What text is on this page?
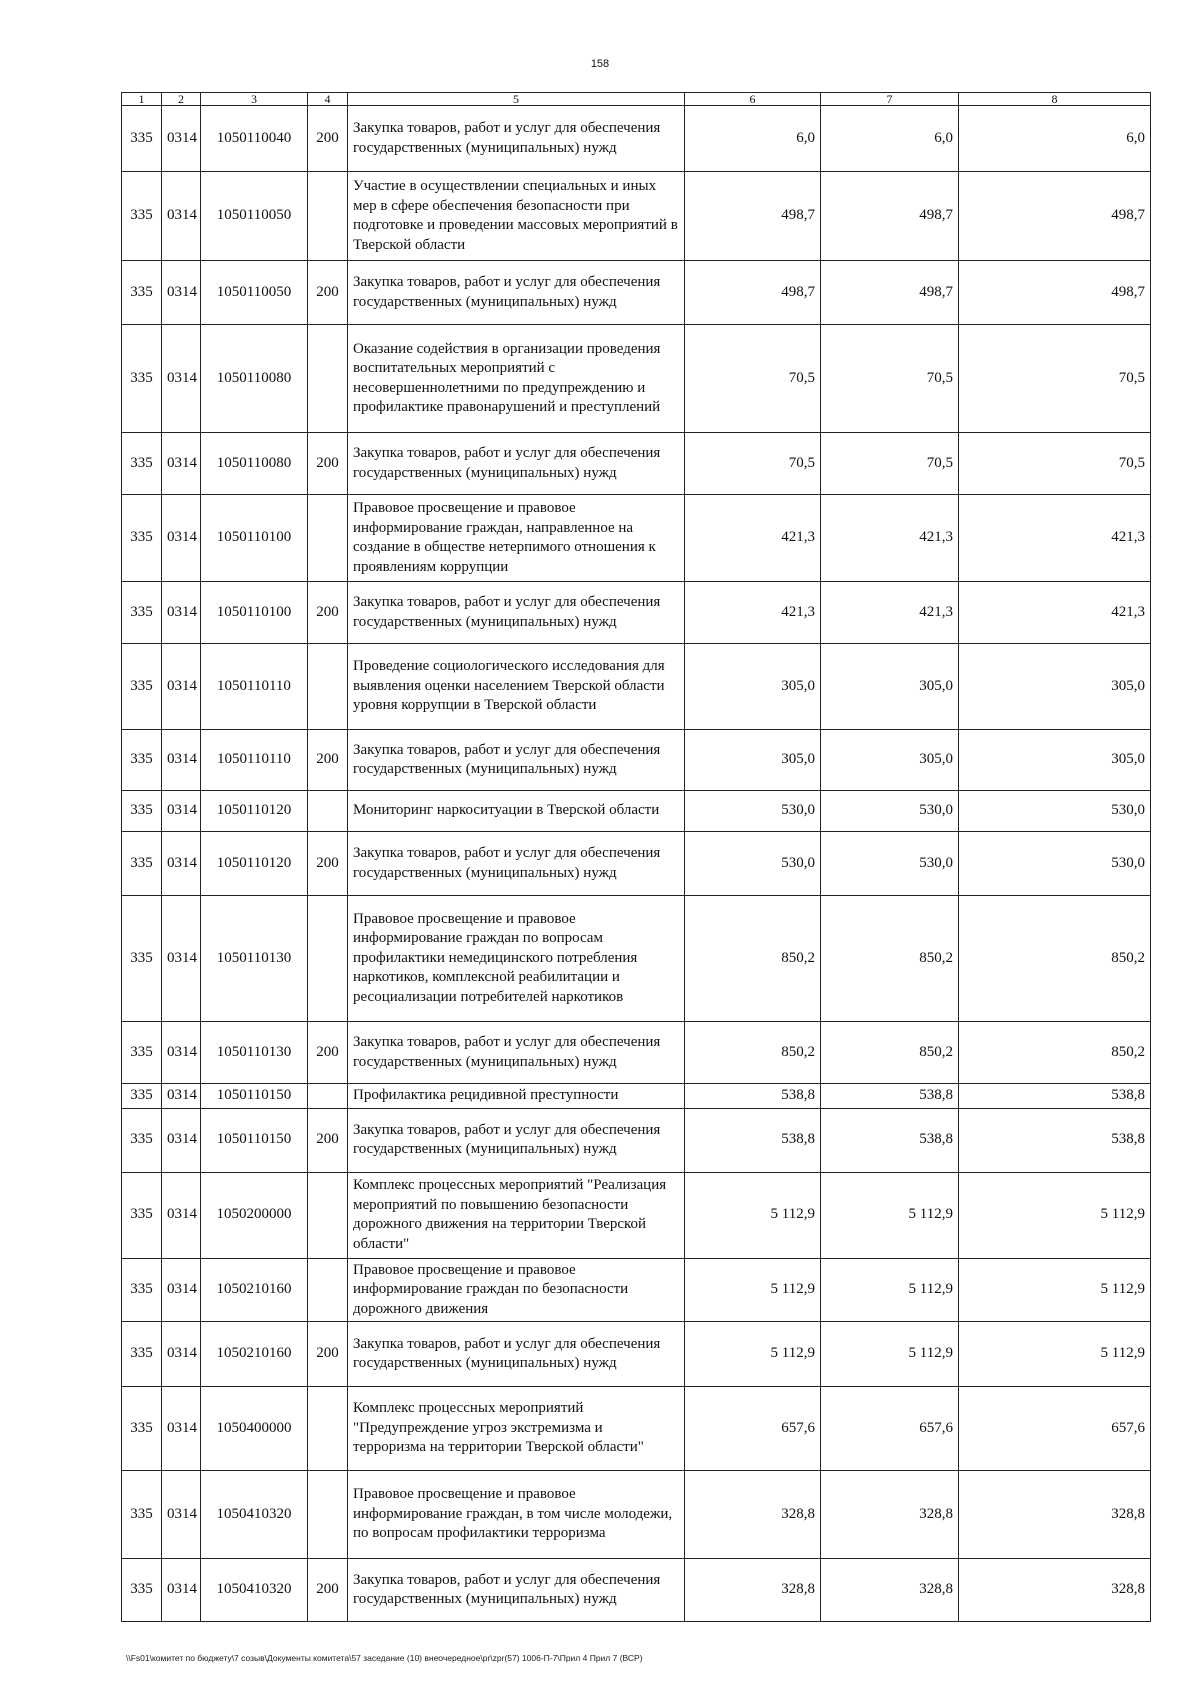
158
1	2	3	4	5	6	7	8
335	0314	1050110040	200	Закупка товаров, работ и услуг для обеспечения государственных (муниципальных) нужд	6,0	6,0	6,0
335	0314	1050110050		Участие в осуществлении специальных и иных мер в сфере обеспечения безопасности при подготовке и проведении массовых мероприятий в Тверской области	498,7	498,7	498,7
335	0314	1050110050	200	Закупка товаров, работ и услуг для обеспечения государственных (муниципальных) нужд	498,7	498,7	498,7
335	0314	1050110080		Оказание содействия в организации проведения воспитательных мероприятий с несовершеннолетними по предупреждению и профилактике правонарушений и преступлений	70,5	70,5	70,5
335	0314	1050110080	200	Закупка товаров, работ и услуг для обеспечения государственных (муниципальных) нужд	70,5	70,5	70,5
335	0314	1050110100		Правовое просвещение и правовое информирование граждан, направленное на создание в обществе нетерпимого отношения к проявлениям коррупции	421,3	421,3	421,3
335	0314	1050110100	200	Закупка товаров, работ и услуг для обеспечения государственных (муниципальных) нужд	421,3	421,3	421,3
335	0314	1050110110		Проведение социологического исследования для выявления оценки населением Тверской области уровня коррупции в Тверской области	305,0	305,0	305,0
335	0314	1050110110	200	Закупка товаров, работ и услуг для обеспечения государственных (муниципальных) нужд	305,0	305,0	305,0
335	0314	1050110120		Мониторинг наркоситуации в Тверской области	530,0	530,0	530,0
335	0314	1050110120	200	Закупка товаров, работ и услуг для обеспечения государственных (муниципальных) нужд	530,0	530,0	530,0
335	0314	1050110130		Правовое просвещение и правовое информирование граждан по вопросам профилактики немедицинского потребления наркотиков, комплексной реабилитации и ресоциализации потребителей наркотиков	850,2	850,2	850,2
335	0314	1050110130	200	Закупка товаров, работ и услуг для обеспечения государственных (муниципальных) нужд	850,2	850,2	850,2
335	0314	1050110150		Профилактика рецидивной преступности	538,8	538,8	538,8
335	0314	1050110150	200	Закупка товаров, работ и услуг для обеспечения государственных (муниципальных) нужд	538,8	538,8	538,8
335	0314	1050200000		Комплекс процессных мероприятий "Реализация мероприятий по повышению безопасности дорожного движения на территории Тверской области"	5 112,9	5 112,9	5 112,9
335	0314	1050210160		Правовое просвещение и правовое информирование граждан по безопасности дорожного движения	5 112,9	5 112,9	5 112,9
335	0314	1050210160	200	Закупка товаров, работ и услуг для обеспечения государственных (муниципальных) нужд	5 112,9	5 112,9	5 112,9
335	0314	1050400000		Комплекс процессных мероприятий "Предупреждение угроз экстремизма и терроризма на территории Тверской области"	657,6	657,6	657,6
335	0314	1050410320		Правовое просвещение и правовое информирование граждан, в том числе молодежи, по вопросам профилактики терроризма	328,8	328,8	328,8
335	0314	1050410320	200	Закупка товаров, работ и услуг для обеспечения государственных (муниципальных) нужд	328,8	328,8	328,8
\\Fs01\комитет по бюджету\7 созыв\Документы комитета\57 заседание (10) внеочередное\pr\zpr(57) 1006-П-7\Прил 4 Прил 7 (ВСР)
